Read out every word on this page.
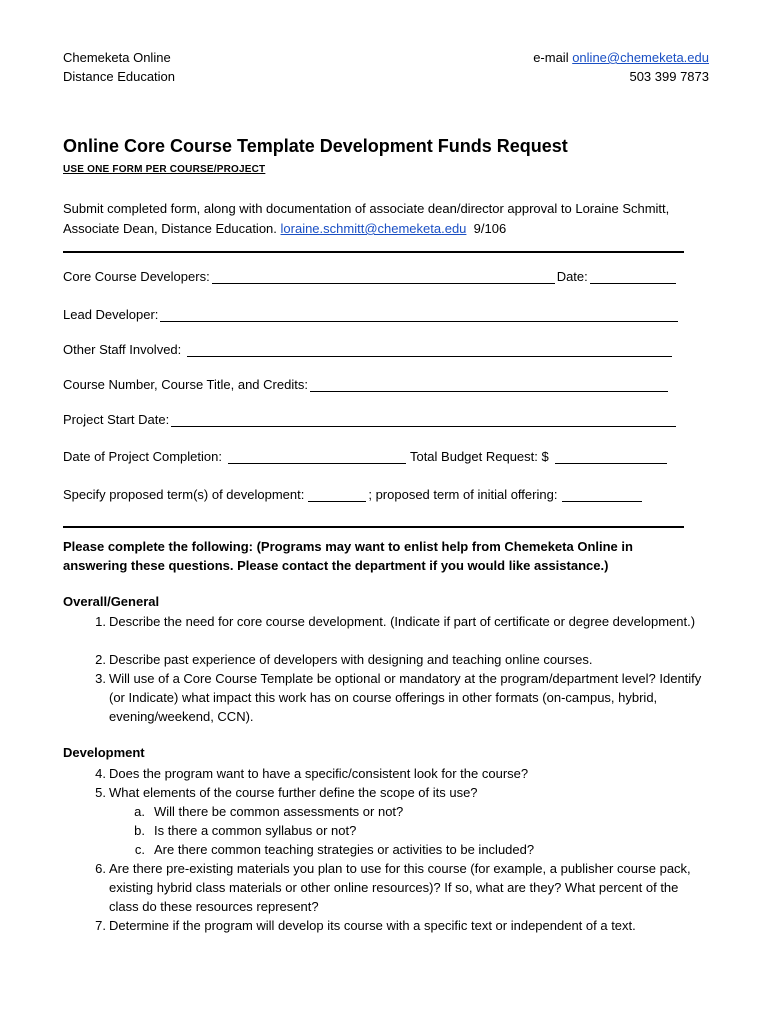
Chemeketa Online
Distance Education
e-mail online@chemeketa.edu
503 399 7873
Online Core Course Template Development Funds Request
USE ONE FORM PER COURSE/PROJECT
Submit completed form, along with documentation of associate dean/director approval to Loraine Schmitt, Associate Dean, Distance Education. loraine.schmitt@chemeketa.edu  9/106
Core Course Developers:	Date:
Lead Developer:
Other Staff Involved:
Course Number, Course Title, and Credits:
Project Start Date:
Date of Project Completion:	Total Budget Request: $
Specify proposed term(s) of development:	; proposed term of initial offering:
Please complete the following: (Programs may want to enlist help from Chemeketa Online in answering these questions. Please contact the department if you would like assistance.)
Overall/General
1. Describe the need for core course development. (Indicate if part of certificate or degree development.)
2. Describe past experience of developers with designing and teaching online courses.
3. Will use of a Core Course Template be optional or mandatory at the program/department level? Identify (or Indicate) what impact this work has on course offerings in other formats (on-campus, hybrid, evening/weekend, CCN).
Development
4. Does the program want to have a specific/consistent look for the course?
5. What elements of the course further define the scope of its use?
a. Will there be common assessments or not?
b. Is there a common syllabus or not?
c. Are there common teaching strategies or activities to be included?
6. Are there pre-existing materials you plan to use for this course (for example, a publisher course pack, existing hybrid class materials or other online resources)? If so, what are they? What percent of the class do these resources represent?
7. Determine if the program will develop its course with a specific text or independent of a text.
